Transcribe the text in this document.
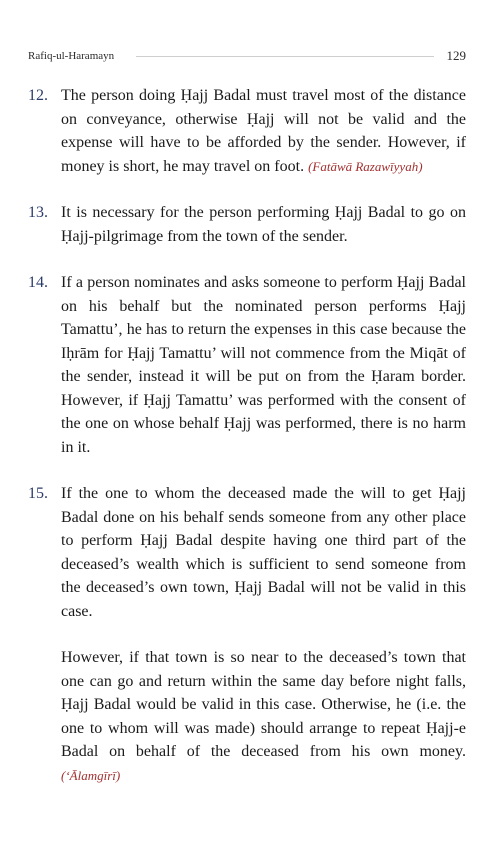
Rafiq-ul-Haramayn	129
12. The person doing Ḥajj Badal must travel most of the distance on conveyance, otherwise Ḥajj will not be valid and the expense will have to be afforded by the sender. However, if money is short, he may travel on foot. (Fatāwā Razawīyyah)

13. It is necessary for the person performing Ḥajj Badal to go on Ḥajj-pilgrimage from the town of the sender.

14. If a person nominates and asks someone to perform Ḥajj Badal on his behalf but the nominated person performs Ḥajj Tamattu’, he has to return the expenses in this case because the Iḥrām for Ḥajj Tamattu’ will not commence from the Miqāt of the sender, instead it will be put on from the Ḥaram border. However, if Ḥajj Tamattu’ was performed with the consent of the one on whose behalf Ḥajj was performed, there is no harm in it.

15. If the one to whom the deceased made the will to get Ḥajj Badal done on his behalf sends someone from any other place to perform Ḥajj Badal despite having one third part of the deceased’s wealth which is sufficient to send someone from the deceased’s own town, Ḥajj Badal will not be valid in this case.

However, if that town is so near to the deceased’s town that one can go and return within the same day before night falls, Ḥajj Badal would be valid in this case. Otherwise, he (i.e. the one to whom will was made) should arrange to repeat Ḥajj-e Badal on behalf of the deceased from his own money. (‘Ālamgīrī)
